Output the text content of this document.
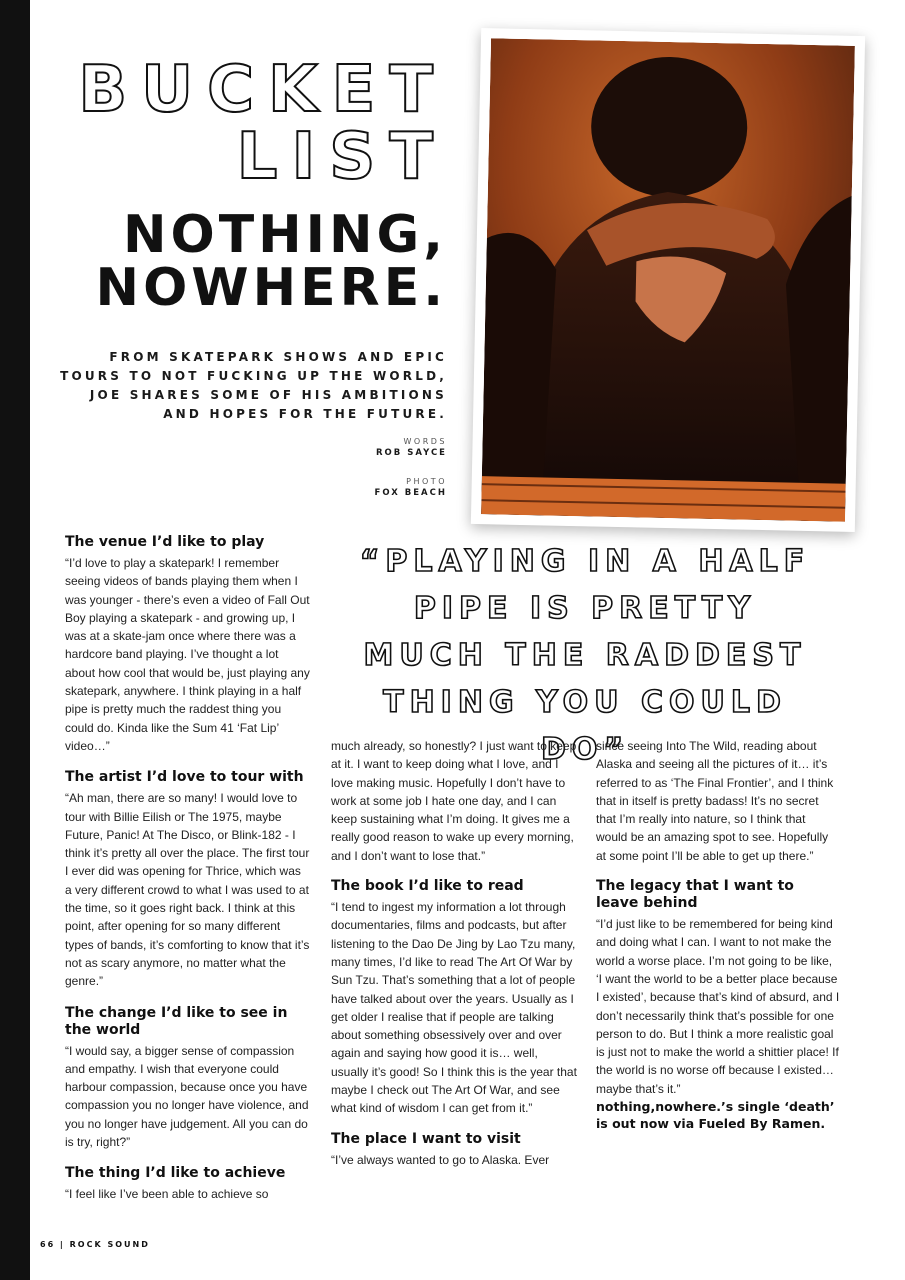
BUCKET
LIST
NOTHING,
NOWHERE.
FROM SKATEPARK SHOWS AND EPIC TOURS TO NOT FUCKING UP THE WORLD, JOE SHARES SOME OF HIS AMBITIONS AND HOPES FOR THE FUTURE.
WORDS
ROB SAYCE
PHOTO
FOX BEACH
“PLAYING IN A HALF PIPE IS PRETTY MUCH THE RADDEST THING YOU COULD DO”
The venue I’d like to play

“I’d love to play a skatepark! I remember seeing videos of bands playing them when I was younger - there’s even a video of Fall Out Boy playing a skatepark - and growing up, I was at a skate-jam once where there was a hardcore band playing. I’ve thought a lot about how cool that would be, just playing any skatepark, anywhere. I think playing in a half pipe is pretty much the raddest thing you could do. Kinda like the Sum 41 ‘Fat Lip’ video…”

The artist I’d love to tour with

“Ah man, there are so many! I would love to tour with Billie Eilish or The 1975, maybe Future, Panic! At The Disco, or Blink-182 - I think it’s pretty all over the place. The first tour I ever did was opening for Thrice, which was a very different crowd to what I was used to at the time, so it goes right back. I think at this point, after opening for so many different types of bands, it’s comforting to know that it’s not as scary anymore, no matter what the genre.”

The change I’d like to see in the world

“I would say, a bigger sense of compassion and empathy. I wish that everyone could harbour compassion, because once you have compassion you no longer have violence, and you no longer have judgement. All you can do is try, right?”

The thing I’d like to achieve

“I feel like I’ve been able to achieve so

much already, so honestly? I just want to keep at it. I want to keep doing what I love, and I love making music. Hopefully I don’t have to work at some job I hate one day, and I can keep sustaining what I’m doing. It gives me a really good reason to wake up every morning, and I don’t want to lose that.”

The book I’d like to read

“I tend to ingest my information a lot through documentaries, films and podcasts, but after listening to the Dao De Jing by Lao Tzu many, many times, I’d like to read The Art Of War by Sun Tzu. That’s something that a lot of people have talked about over the years. Usually as I get older I realise that if people are talking about something obsessively over and over again and saying how good it is… well, usually it’s good! So I think this is the year that maybe I check out The Art Of War, and see what kind of wisdom I can get from it.”

The place I want to visit

“I’ve always wanted to go to Alaska. Ever

since seeing Into The Wild, reading about Alaska and seeing all the pictures of it… it’s referred to as ‘The Final Frontier’, and I think that in itself is pretty badass! It’s no secret that I’m really into nature, so I think that would be an amazing spot to see. Hopefully at some point I’ll be able to get up there.”

The legacy that I want to leave behind

“I’d just like to be remembered for being kind and doing what I can. I want to not make the world a worse place. I’m not going to be like, ‘I want the world to be a better place because I existed’, because that’s kind of absurd, and I don’t necessarily think that’s possible for one person to do. But I think a more realistic goal is just not to make the world a shittier place! If the world is no worse off because I existed… maybe that’s it.”

nothing,nowhere.’s single ‘death’ is out now via Fueled By Ramen.

66 | ROCK SOUND
